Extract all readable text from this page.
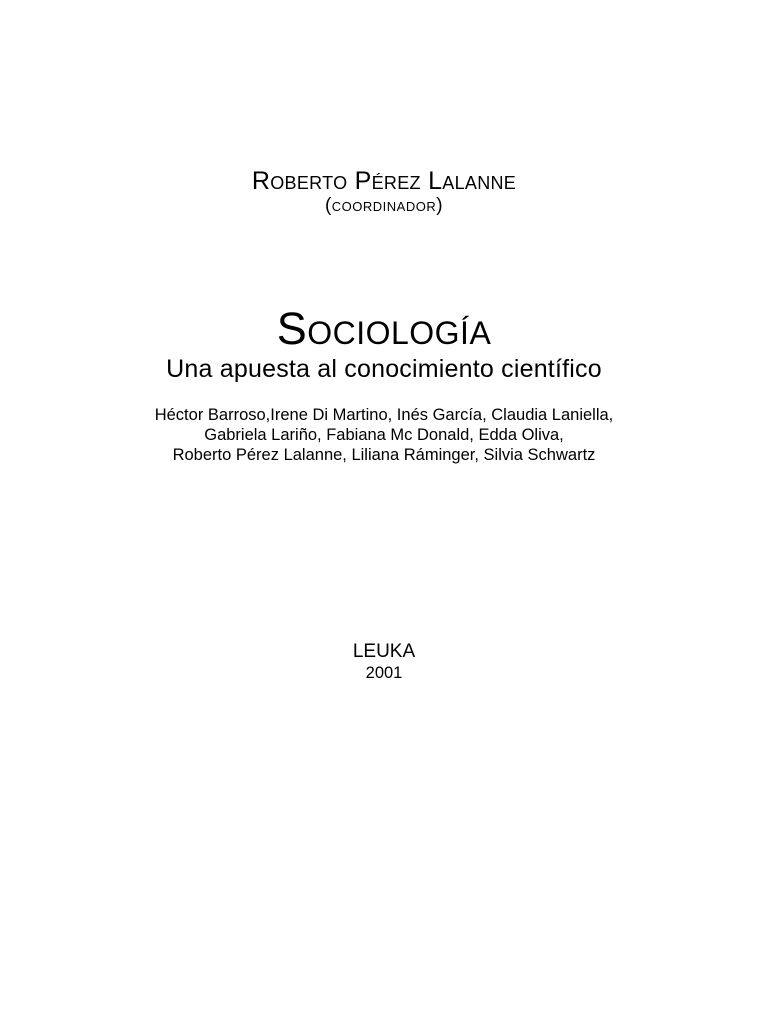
Roberto Pérez Lalanne
(coordinador)
Sociología
Una apuesta al conocimiento científico
Héctor Barroso,Irene Di Martino, Inés García, Claudia Laniella,
Gabriela Lariño, Fabiana Mc Donald, Edda Oliva,
Roberto Pérez Lalanne, Liliana Ráminger, Silvia Schwartz
LEUKA
2001
